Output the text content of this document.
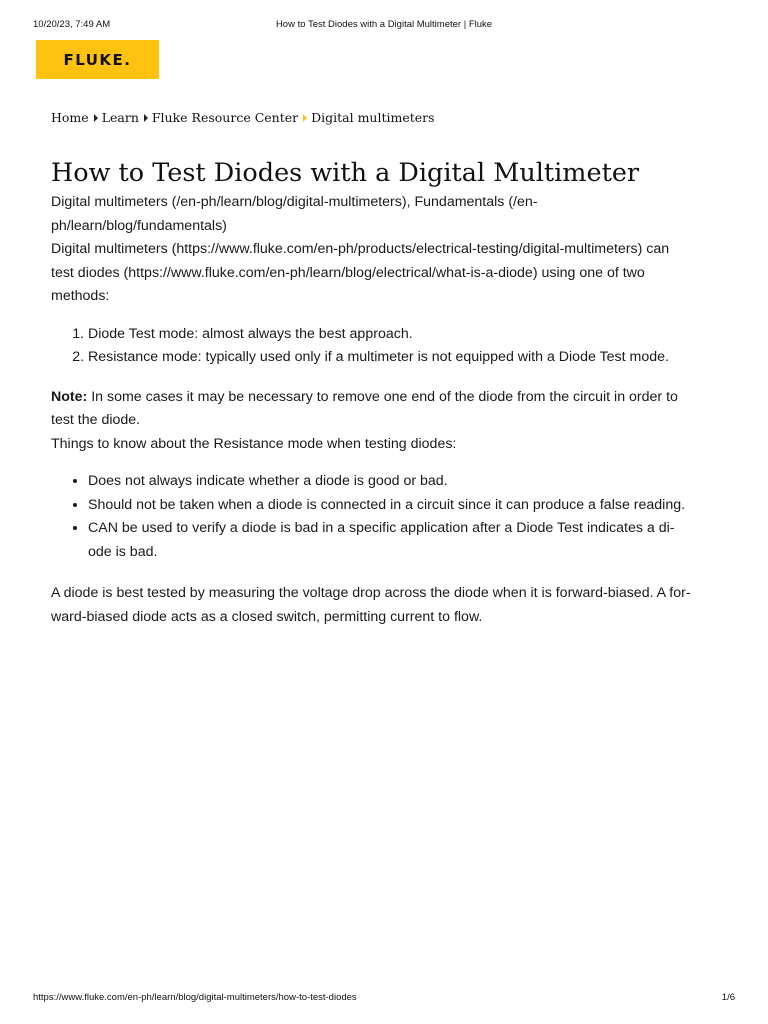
10/20/23, 7:49 AM	How to Test Diodes with a Digital Multimeter | Fluke
FLUKE.
Home Learn Fluke Resource Center Digital multimeters
How to Test Diodes with a Digital Multimeter

Digital multimeters (/en-ph/learn/blog/digital-multimeters), Fundamentals (/en-
ph/learn/blog/fundamentals)

Digital multimeters (https://www.fluke.com/en-ph/products/electrical-testing/digital-multimeters) can
test diodes (https://www.fluke.com/en-ph/learn/blog/electrical/what-is-a-diode) using one of two
methods:

1. Diode Test mode: almost always the best approach.
2. Resistance mode: typically used only if a multimeter is not equipped with a Diode Test mode.

Note: In some cases it may be necessary to remove one end of the diode from the circuit in order to
test the diode.

Things to know about the Resistance mode when testing diodes:

• Does not always indicate whether a diode is good or bad.
• Should not be taken when a diode is connected in a circuit since it can produce a false reading.
• CAN be used to verify a diode is bad in a specific application after a Diode Test indicates a di-
ode is bad.

A diode is best tested by measuring the voltage drop across the diode when it is forward-biased. A for-
ward-biased diode acts as a closed switch, permitting current to flow.

https://www.fluke.com/en-ph/learn/blog/digital-multimeters/how-to-test-diodes	1/6
